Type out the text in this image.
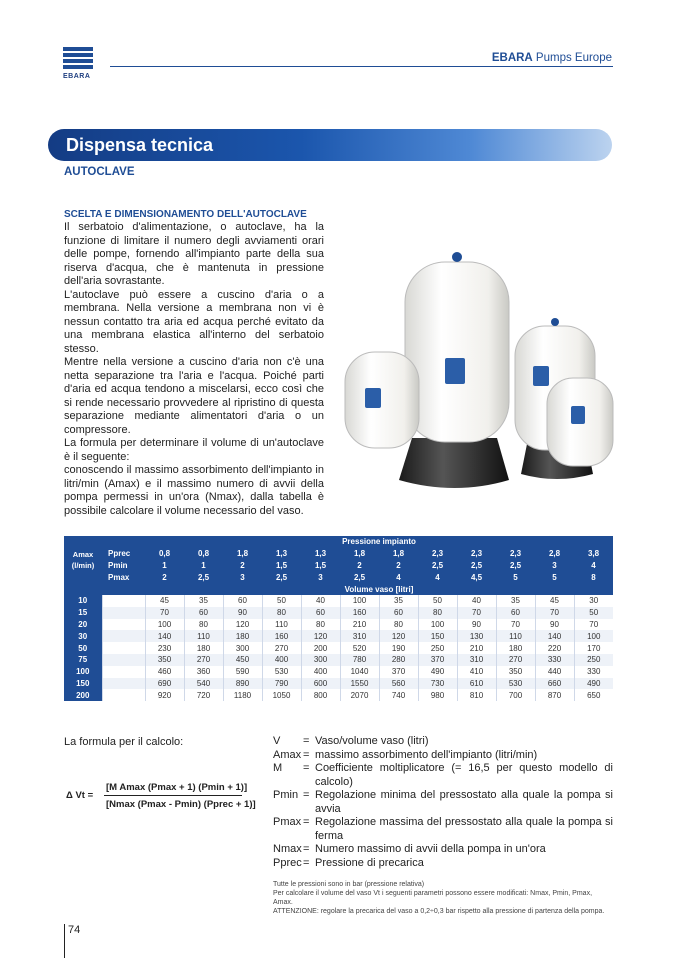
EBARA
EBARA Pumps Europe
Dispensa tecnica
AUTOCLAVE
SCELTA E DIMENSIONAMENTO DELL'AUTOCLAVE

Il serbatoio d'alimentazione, o autoclave, ha la funzione di limitare il numero degli avviamenti orari delle pompe, fornendo all'impianto parte della sua riserva d'acqua, che è mantenuta in pressione dell'aria sovrastante.

L'autoclave può essere a cuscino d'aria o a membrana. Nella versione a membrana non vi è nessun contatto tra aria ed acqua perché evitato da una membrana elastica all'interno del serbatoio stesso.

Mentre nella versione a cuscino d'aria non c'è una netta separazione tra l'aria e l'acqua. Poiché parti d'aria ed acqua tendono a miscelarsi, ecco così che si rende necessario provvedere al ripristino di questa separazione mediante alimentatori d'aria o un compressore.

La formula per determinare il volume di un'autoclave è il seguente:

conoscendo il massimo assorbimento dell'impianto in litri/min (Amax) e il massimo numero di avvii della pompa permessi in un'ora (Nmax), dalla tabella è possibile calcolare il volume necessario del vaso.

Amax (l/min)		Pressione impianto											
	Pprec	0,8	0,8	1,8	1,3	1,3	1,8	1,8	2,3	2,3	2,3	2,8	3,8
	Pmin	1	1	2	1,5	1,5	2	2	2,5	2,5	2,5	3	4
	Pmax	2	2,5	3	2,5	3	2,5	4	4	4,5	5	5	8
		Volume vaso [litri]											
10		45	35	60	50	40	100	35	50	40	35	45	30
15		70	60	90	80	60	160	60	80	70	60	70	50
20		100	80	120	110	80	210	80	100	90	70	90	70
30		140	110	180	160	120	310	120	150	130	110	140	100
50		230	180	300	270	200	520	190	250	210	180	220	170
75		350	270	450	400	300	780	280	370	310	270	330	250
100		460	360	590	530	400	1040	370	490	410	350	440	330
150		690	540	890	790	600	1550	560	730	610	530	660	490
200		920	720	1180	1050	800	2070	740	980	810	700	870	650
La formula per il calcolo:
Δ Vt =
[M Amax (Pmax + 1) (Pmin + 1)]
[Nmax (Pmax - Pmin) (Pprec + 1)]
V	= Vaso/volume vaso (litri)
Amax = massimo assorbimento dell'impianto (litri/min)
M	= Coefficiente moltiplicatore (= 16,5 per questo modello di calcolo)
Pmin = Regolazione minima del pressostato alla quale la pompa si avvia
Pmax = Regolazione massima del pressostato alla quale la pompa si ferma
Nmax = Numero massimo di avvii della pompa in un'ora
Pprec = Pressione di precarica
Tutte le pressioni sono in bar (pressione relativa)
Per calcolare il volume del vaso Vt i seguenti parametri possono essere modificati: Nmax, Pmin, Pmax, Amax.
ATTENZIONE: regolare la precarica del vaso a 0,2÷0,3 bar rispetto alla pressione di partenza della pompa.
74
